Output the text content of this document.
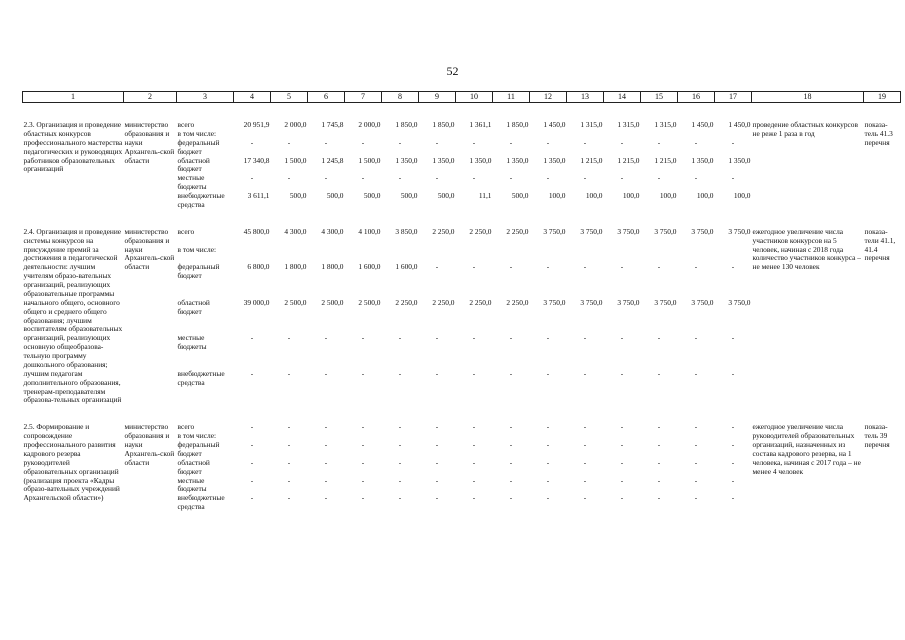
52
1	2	3	4	5	6	7	8	9	10	11	12	13	14	15	16	17	18	19

2.3. Организация и проведение областных конкурсов профессионального мастерства педагогических и руководящих работников образовательных организаций	министерство образования и науки Архангель-ской области	всего	20 951,9	2 000,0	1 745,8	2 000,0	1 850,0	1 850,0	1 361,1	1 850,0	1 450,0	1 315,0	1 315,0	1 315,0	1 450,0	1 450,0	проведение областных конкурсов не реже 1 раза в год	показа-тель 41.3 перечня
		в том числе:																
		федеральный бюджет	-	-	-	-	-	-	-	-	-	-	-	-	-	-		
		областной бюджет	17 340,8	1 500,0	1 245,8	1 500,0	1 350,0	1 350,0	1 350,0	1 350,0	1 350,0	1 215,0	1 215,0	1 215,0	1 350,0	1 350,0		
		местные бюджеты	-	-	-	-	-	-	-	-	-	-	-	-	-	-		
		внебюджетные средства	3 611,1	500,0	500,0	500,0	500,0	500,0	11,1	500,0	100,0	100,0	100,0	100,0	100,0	100,0		

2.4. Организация и проведение системы конкурсов на присуждение премий за достижения в педагогической деятельности: лучшим учителям образо-вательных организаций, реализующих образовательные программы начального общего, основного общего и среднего общего образования; лучшим воспитателям образовательных организаций, реализующих основную общеобразова-тельную программу дошкольного образования; лучшим педагогам дополнительного образования, тренерам-преподавателям образова-тельных организаций	министерство образования и науки Архангель-ской области	всего	45 800,0	4 300,0	4 300,0	4 100,0	3 850,0	2 250,0	2 250,0	2 250,0	3 750,0	3 750,0	3 750,0	3 750,0	3 750,0	3 750,0	ежегодное увеличение числа участников конкурсов на 5 человек, начиная с 2018 года количество участников конкурса – не менее 130 человек	показа-тели 41.1, 41.4 перечня
		в том числе:																
		федеральный бюджет	6 800,0	1 800,0	1 800,0	1 600,0	1 600,0	-	-	-	-	-	-	-	-	-		
		областной бюджет	39 000,0	2 500,0	2 500,0	2 500,0	2 250,0	2 250,0	2 250,0	2 250,0	3 750,0	3 750,0	3 750,0	3 750,0	3 750,0	3 750,0		
		местные бюджеты	-	-	-	-	-	-	-	-	-	-	-	-	-	-		
		внебюджетные средства	-	-	-	-	-	-	-	-	-	-	-	-	-	-		

2.5. Формирование и сопровождение профессионального развития кадрового резерва руководителей образовательных организаций (реализация проекта «Кадры образо-вательных учреждений Архангельской области»)	министерство образования и науки Архангель-ской области	всего	-	-	-	-	-	-	-	-	-	-	-	-	-	-	ежегодное увеличение числа руководителей образовательных организаций, назначенных из состава кадрового резерва, на 1 человека, начиная с 2017 года – не менее 4 человек	показа-тель 39 перечня
		в том числе:																
		федеральный бюджет	-	-	-	-	-	-	-	-	-	-	-	-	-	-		
		областной бюджет	-	-	-	-	-	-	-	-	-	-	-	-	-	-		
		местные бюджеты	-	-	-	-	-	-	-	-	-	-	-	-	-	-		
		внебюджетные средства	-	-	-	-	-	-	-	-	-	-	-	-	-	-		
